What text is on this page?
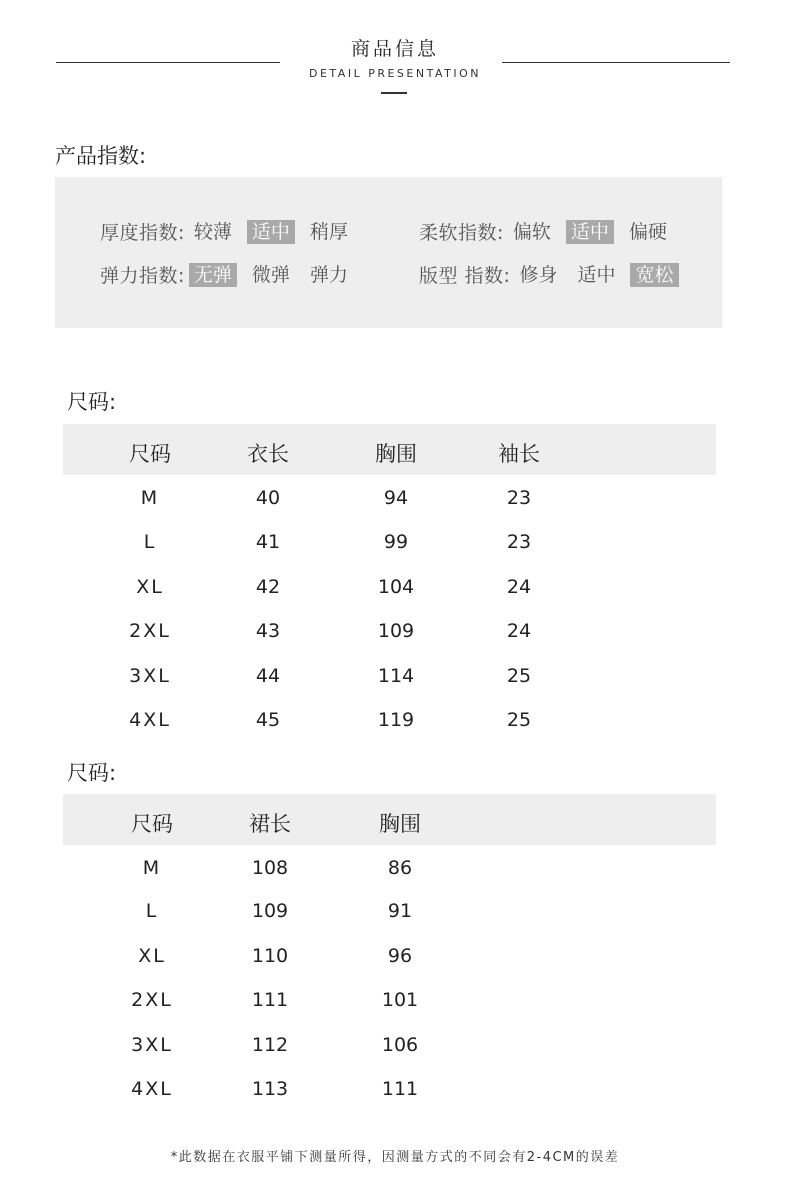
商品信息
DETAIL PRESENTATION
产品指数:
厚度指数: 较薄 适中 稍厚	柔软指数: 偏软 适中 偏硬
弹力指数: 无弹 微弹 弹力	版型 指数: 修身 适中 宽松
尺码:
尺码	衣长	胸围	袖长
M	40	94	23
L	41	99	23
XL	42	104	24
2XL	43	109	24
3XL	44	114	25
4XL	45	119	25
尺码:
尺码	裙长	胸围
M	108	86
L	109	91
XL	110	96
2XL	111	101
3XL	112	106
4XL	113	111
*此数据在衣服平铺下测量所得，因测量方式的不同会有2-4CM的误差
